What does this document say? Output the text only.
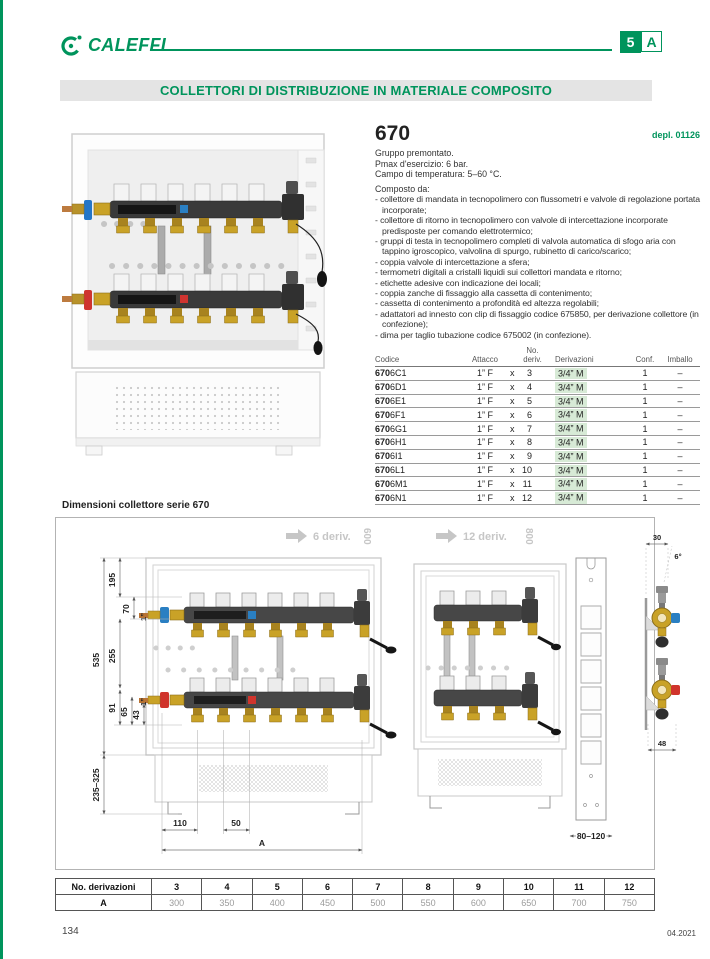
CALEFFI	5 A
COLLETTORI DI DISTRIBUZIONE IN MATERIALE COMPOSITO
670	depl. 01126
Gruppo premontato.
Pmax d'esercizio: 6 bar.
Campo di temperatura: 5–60 °C.
Composto da:
- collettore di mandata in tecnopolimero con flussometri e valvole di regolazione portata incorporate;
- collettore di ritorno in tecnopolimero con valvole di intercettazione incorporate predisposte per comando elettrotermico;
- gruppi di testa in tecnopolimero completi di valvola automatica di sfogo aria con tappino igroscopico, valvolina di spurgo, rubinetto di carico/scarico;
- coppia valvole di intercettazione a sfera;
- termometri digitali a cristalli liquidi sui collettori mandata e ritorno;
- etichette adesive con indicazione dei locali;
- coppia zanche di fissaggio alla cassetta di contenimento;
- cassetta di contenimento a profondità ed altezza regolabili;
- adattatori ad innesto con clip di fissaggio codice 675850, per derivazione collettore (in confezione);
- dima per taglio tubazione codice 675002 (in confezione).
Codice	Attacco	No.
deriv.	Derivazioni	Conf.	Imballo
6706C1	1” F	x 3	3/4” M	1	–
6706D1	1” F	x 4	3/4” M	1	–
6706E1	1” F	x 5	3/4” M	1	–
6706F1	1” F	x 6	3/4” M	1	–
6706G1	1” F	x 7	3/4” M	1	–
6706H1	1” F	x 8	3/4” M	1	–
6706I1	1” F	x 9	3/4” M	1	–
6706L1	1” F	x 10	3/4” M	1	–
6706M1	1” F	x 11	3/4” M	1	–
6706N1	1” F	x 12	3/4” M	1	–
Dimensioni collettore serie 670
6 deriv. 600	12 deriv. 800
1”
1”
535
195
70
255
91 65 43
235–325
110	50
A
80–120
30
6°
48
No. derivazioni	3	4	5	6	7	8	9	10	11	12
A	300	350	400	450	500	550	600	650	700	750
134	04.2021
